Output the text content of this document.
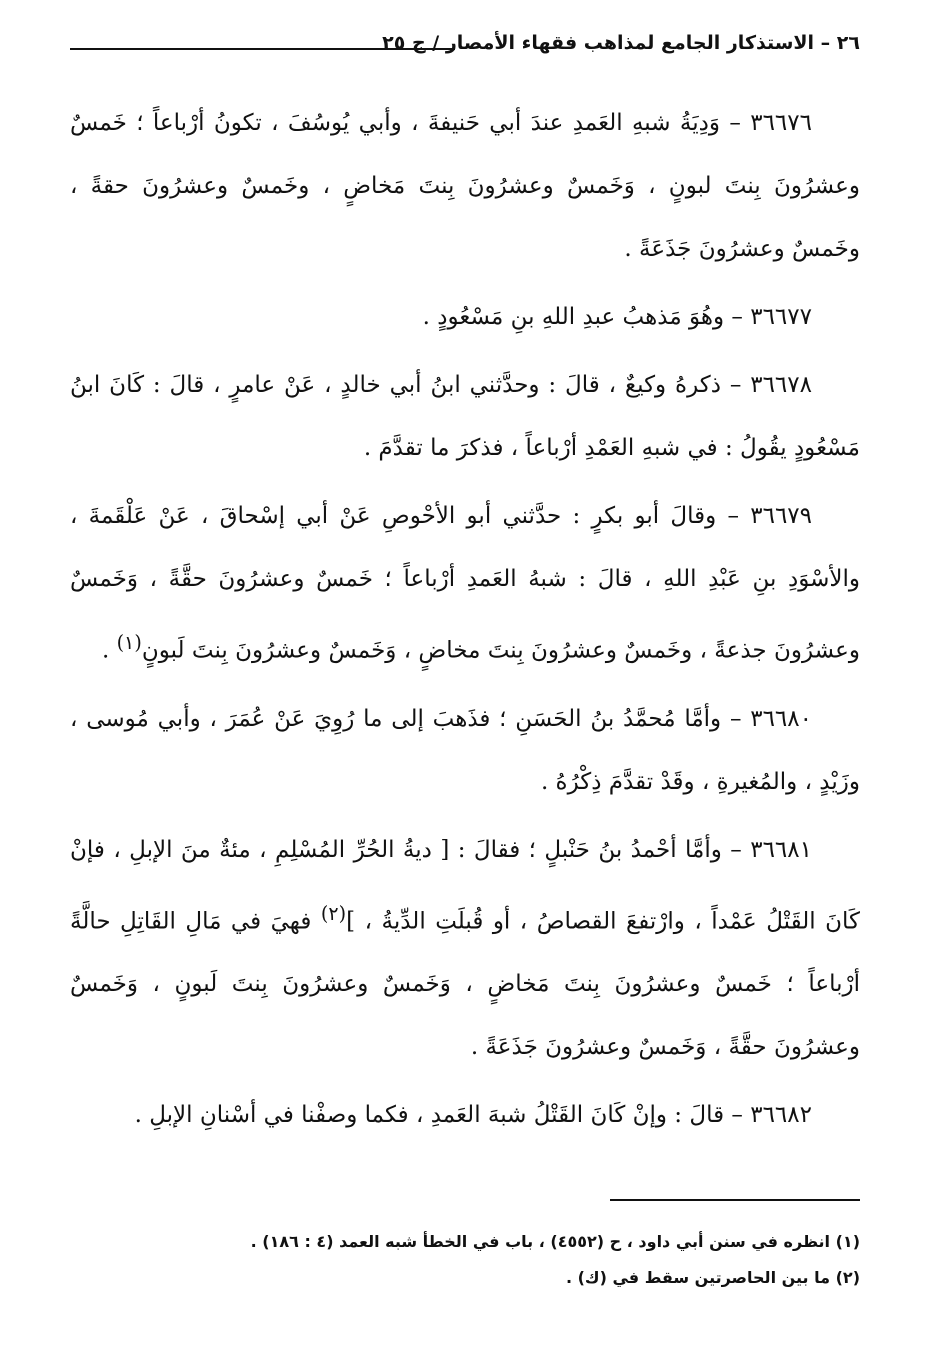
٢٦ – الاستذكار الجامع لمذاهب فقهاء الأمصار / ج ٢٥

٣٦٦٧٦ – وَدِيَةُ شبهِ العَمدِ عندَ أبي حَنيفةَ ، وأبي يُوسُفَ ، تكونُ أرْباعاً ؛ خَمسٌ وعشرُونَ بِنتَ لبونٍ ، وَخَمسٌ وعشرُونَ بِنتَ مَخاضٍ ، وخَمسٌ وعشرُونَ حقةً ، وخَمسٌ وعشرُونَ جَذَعَةً .

٣٦٦٧٧ – وهُوَ مَذهبُ عبدِ اللهِ بنِ مَسْعُودٍ .

٣٦٦٧٨ – ذكرهُ وكيعٌ ، قالَ : وحدَّثني ابنُ أبي خالدٍ ، عَنْ عامرٍ ، قالَ : كَانَ ابنُ مَسْعُودٍ يقُولُ : في شبهِ العَمْدِ أرْباعاً ، فذكرَ ما تقدَّمَ .

٣٦٦٧٩ – وقالَ أبو بكرٍ : حدَّثني أبو الأحْوصِ عَنْ أبي إسْحاقَ ، عَنْ عَلْقَمةَ ، والأسْوَدِ بنِ عَبْدِ اللهِ ، قالَ : شبهُ العَمدِ أرْباعاً ؛ خَمسٌ وعشرُونَ حقَّةً ، وَخَمسٌ وعشرُونَ جذعةً ، وخَمسٌ وعشرُونَ بِنتَ مخاضٍ ، وَخَمسٌ وعشرُونَ بِنتَ لَبونٍ$^{(١)}$ .

٣٦٦٨٠ – وأمَّا مُحمَّدُ بنُ الحَسَنِ ؛ فذَهبَ إلى ما رُوِيَ عَنْ عُمَرَ ، وأبي مُوسى ، وزَيْدٍ ، والمُغيرةِ ، وقَدْ تقدَّمَ ذِكْرُهُ .

٣٦٦٨١ – وأمَّا أحْمدُ بنُ حَنْبلٍ ؛ فقالَ : [ ديةُ الحُرِّ المُسْلِمِ ، مئةٌ منَ الإبلِ ، فإنْ كَانَ القَتْلُ عَمْداً ، وارْتفعَ القصاصُ ، أو قُبلَتِ الدِّيةُ ، ]$^{(٢)}$ فهيَ في مَالِ القَاتِلِ حالَّةً أرْباعاً ؛ خَمسٌ وعشرُونَ بِنتَ مَخاضٍ ، وَخَمسٌ وعشرُونَ بِنتَ لَبونٍ ، وَخَمسٌ وعشرُونَ حقَّةً ، وَخَمسٌ وعشرُونَ جَذَعَةً .

٣٦٦٨٢ – قالَ : وإنْ كَانَ القَتْلُ شبهَ العَمدِ ، فكما وصفْنا في أسْنانِ الإبلِ .

(١) انظره في سنن أبي داود ، ح (٤٥٥٢) ، باب في الخطأ شبه العمد (٤ : ١٨٦) .

(٢) ما بين الحاصرتين سقط في (ك) .
